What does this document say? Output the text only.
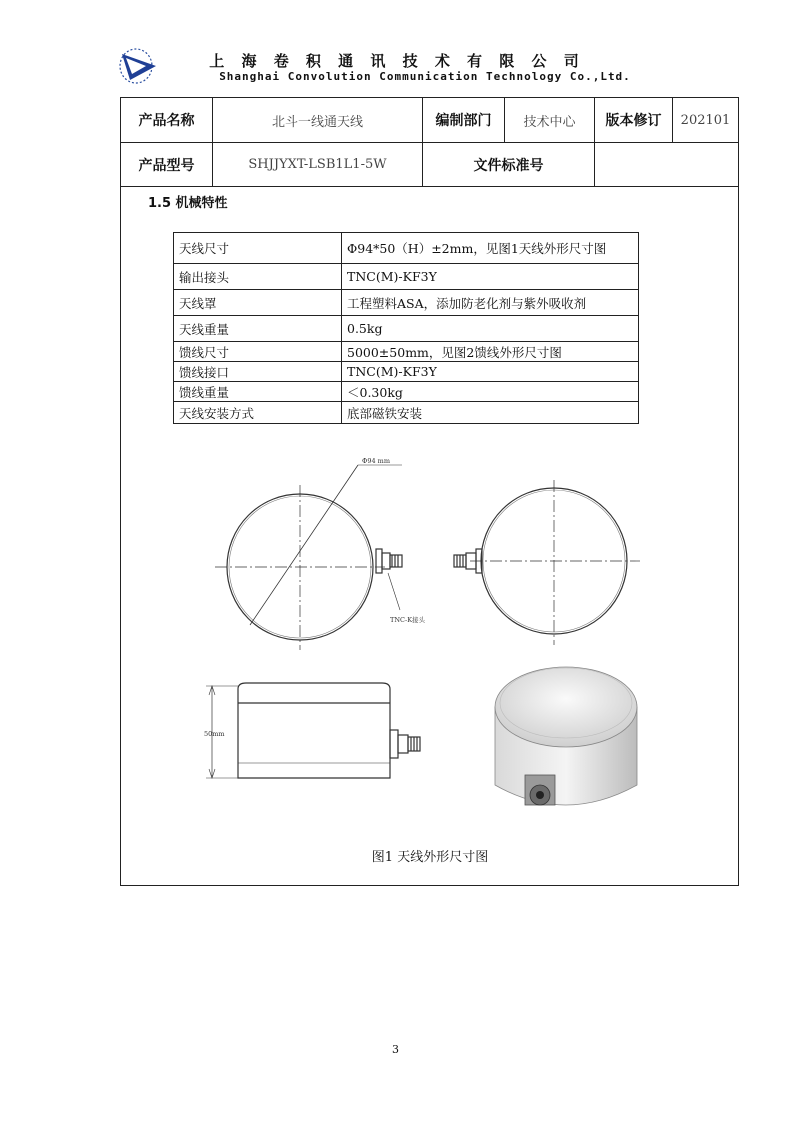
上 海 卷 积 通 讯 技 术 有 限 公 司
Shanghai Convolution Communication Technology Co.,Ltd.
产品名称	北斗一线通天线	编制部门	技术中心	版本修订	202101
产品型号	SHJJYXT-LSB1L1-5W	文件标准号
1.5 机械特性
天线尺寸	Φ94*50（H）±2mm，见图1天线外形尺寸图
输出接头	TNC(M)-KF3Y
天线罩	工程塑料ASA，添加防老化剂与紫外吸收剂
天线重量	0.5kg
馈线尺寸	5000±50mm，见图2馈线外形尺寸图
馈线接口	TNC(M)-KF3Y
馈线重量	＜0.30kg
天线安装方式	底部磁铁安装
Φ94 mm
TNC-K接头
50mm
图1 天线外形尺寸图
3
